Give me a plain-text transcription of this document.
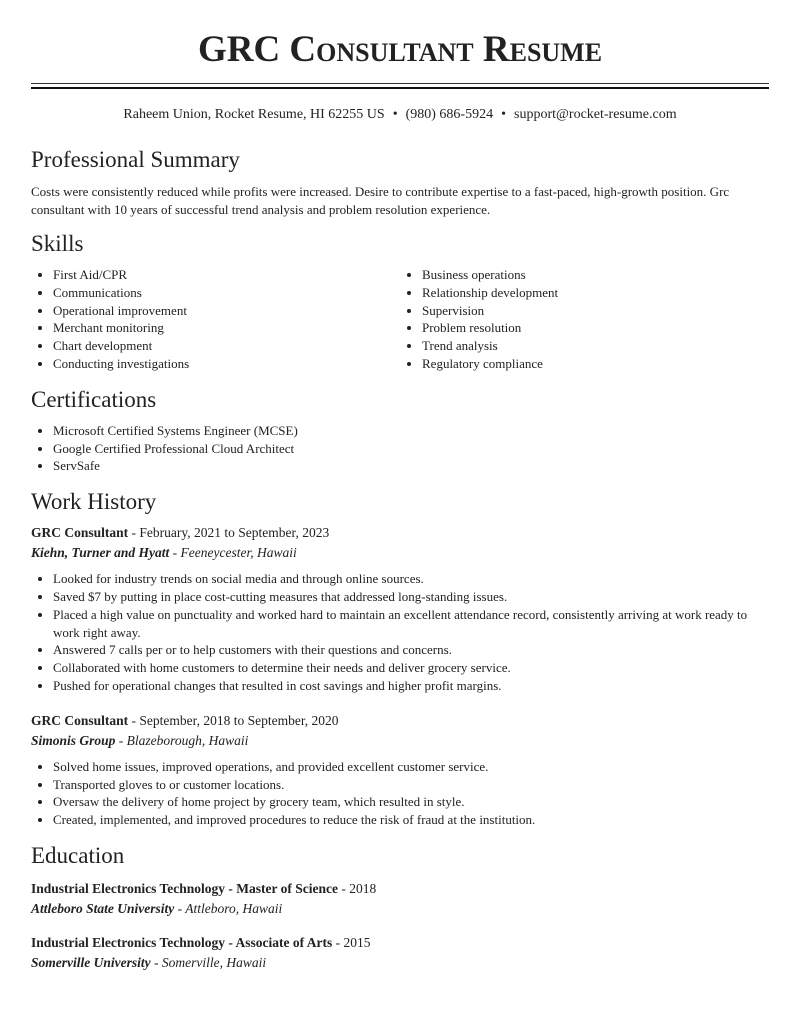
GRC Consultant Resume
Raheem Union, Rocket Resume, HI 62255 US • (980) 686-5924 • support@rocket-resume.com
Professional Summary

Costs were consistently reduced while profits were increased. Desire to contribute expertise to a fast-paced, high-growth position. Grc consultant with 10 years of successful trend analysis and problem resolution experience.

Skills
• First Aid/CPR
• Communications
• Operational improvement
• Merchant monitoring
• Chart development
• Conducting investigations
• Business operations
• Relationship development
• Supervision
• Problem resolution
• Trend analysis
• Regulatory compliance
Certifications
• Microsoft Certified Systems Engineer (MCSE)
• Google Certified Professional Cloud Architect
• ServSafe
Work History
GRC Consultant - February, 2021 to September, 2023
Kiehn, Turner and Hyatt - Feeneycester, Hawaii
• Looked for industry trends on social media and through online sources.
• Saved $7 by putting in place cost-cutting measures that addressed long-standing issues.
• Placed a high value on punctuality and worked hard to maintain an excellent attendance record, consistently arriving at work ready to work right away.
• Answered 7 calls per or to help customers with their questions and concerns.
• Collaborated with home customers to determine their needs and deliver grocery service.
• Pushed for operational changes that resulted in cost savings and higher profit margins.
GRC Consultant - September, 2018 to September, 2020
Simonis Group - Blazeborough, Hawaii
• Solved home issues, improved operations, and provided excellent customer service.
• Transported gloves to or customer locations.
• Oversaw the delivery of home project by grocery team, which resulted in style.
• Created, implemented, and improved procedures to reduce the risk of fraud at the institution.
Education
Industrial Electronics Technology - Master of Science - 2018
Attleboro State University - Attleboro, Hawaii
Industrial Electronics Technology - Associate of Arts - 2015
Somerville University - Somerville, Hawaii
